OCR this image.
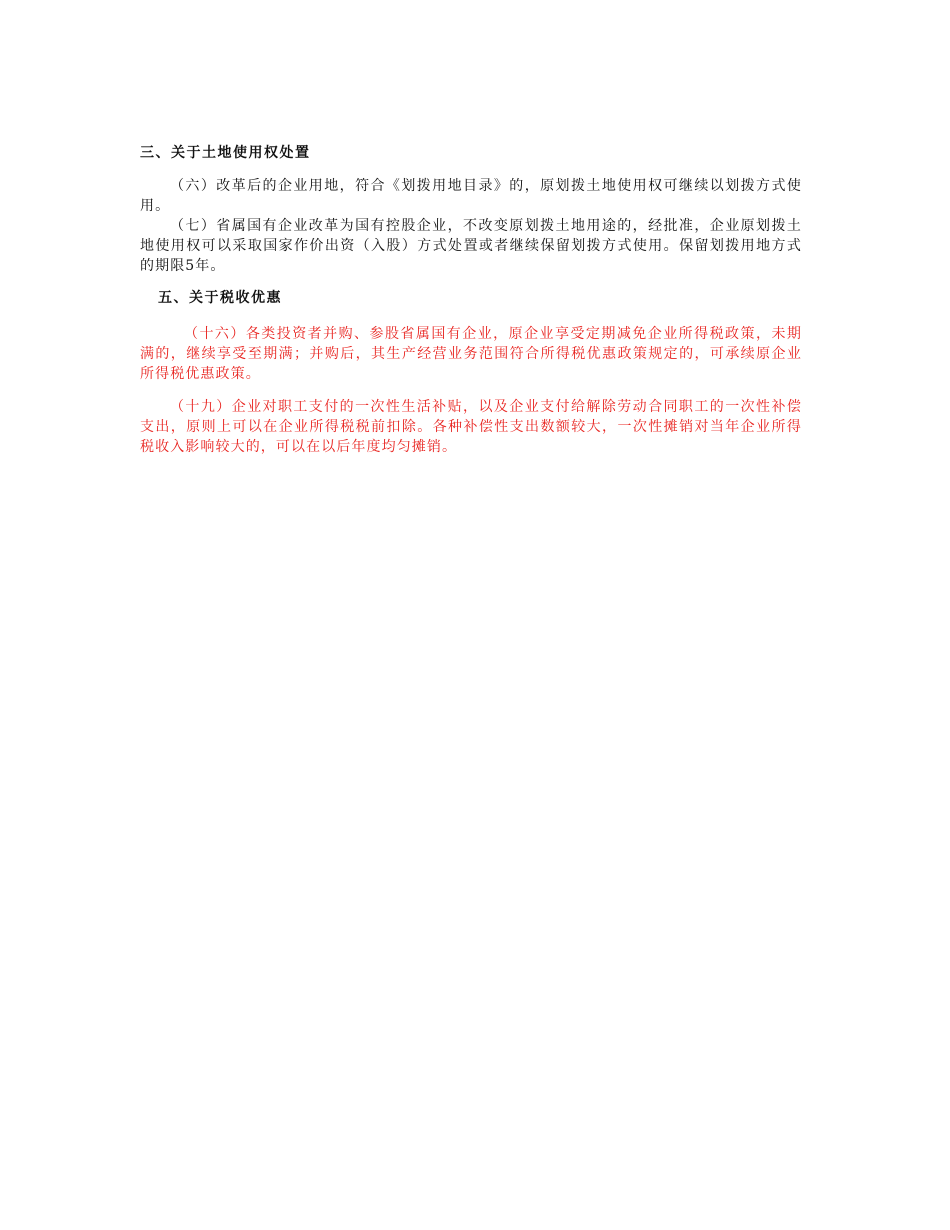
三、关于土地使用权处置

（六）改革后的企业用地，符合《划拨用地目录》的，原划拨土地使用权可继续以划拨方式使用。

（七）省属国有企业改革为国有控股企业，不改变原划拨土地用途的，经批准，企业原划拨土地使用权可以采取国家作价出资（入股）方式处置或者继续保留划拨方式使用。保留划拨用地方式的期限5年。

五、关于税收优惠

（十六）各类投资者并购、参股省属国有企业，原企业享受定期减免企业所得税政策，未期满的，继续享受至期满；并购后，其生产经营业务范围符合所得税优惠政策规定的，可承续原企业所得税优惠政策。

（十九）企业对职工支付的一次性生活补贴，以及企业支付给解除劳动合同职工的一次性补偿支出，原则上可以在企业所得税税前扣除。各种补偿性支出数额较大，一次性摊销对当年企业所得税收入影响较大的，可以在以后年度均匀摊销。
